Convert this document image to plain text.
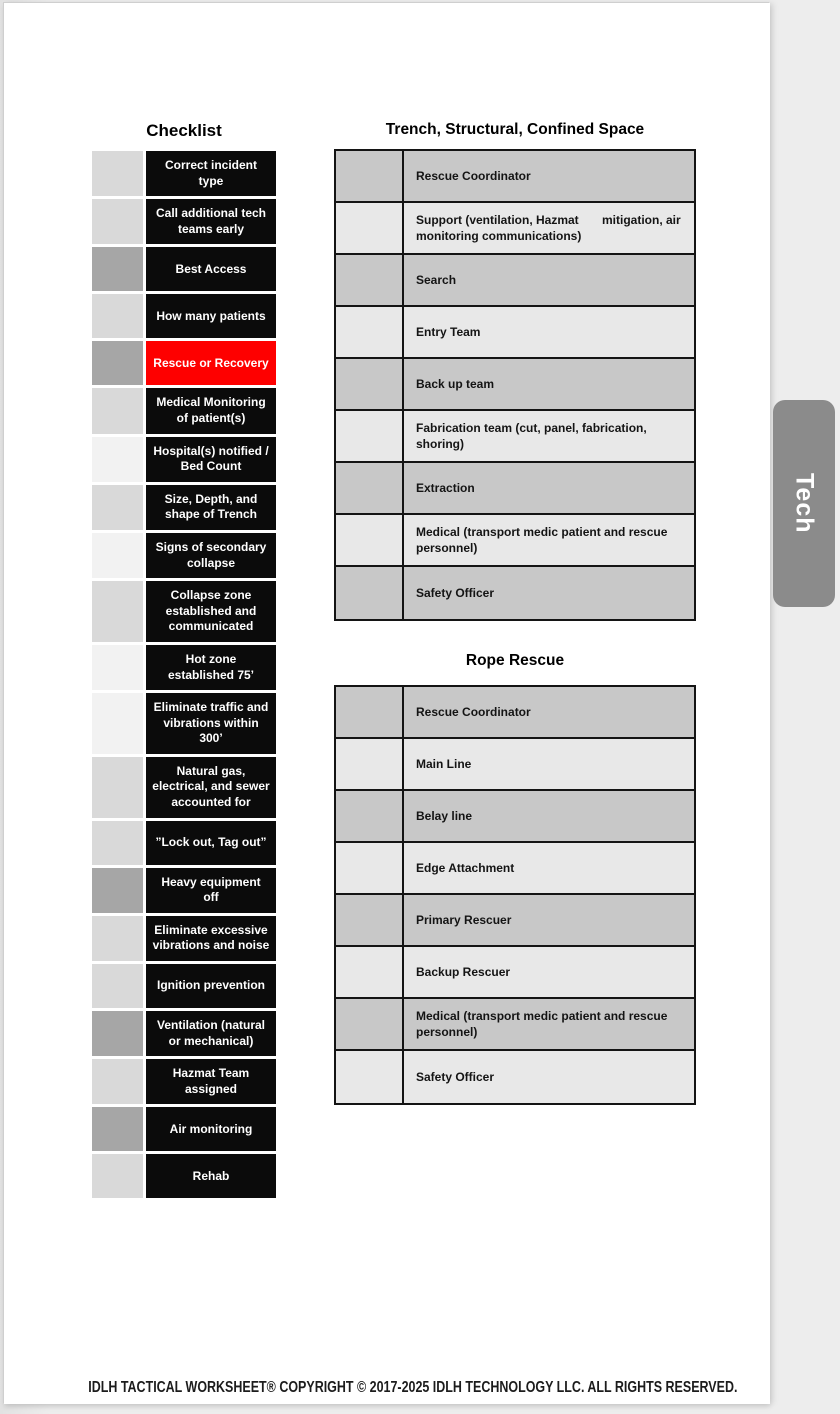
Checklist
Correct incident type
Call additional tech teams early
Best Access
How many patients
Rescue or Recovery
Medical Monitoring of patient(s)
Hospital(s) notified / Bed Count
Size, Depth, and shape of Trench
Signs of secondary collapse
Collapse zone established and communicated
Hot zone established 75’
Eliminate traffic and vibrations within 300’
Natural gas, electrical, and sewer accounted for
”Lock out, Tag out”
Heavy equipment off
Eliminate excessive vibrations and noise
Ignition prevention
Ventilation (natural or mechanical)
Hazmat Team assigned
Air monitoring
Rehab
Trench, Structural, Confined Space
Rescue Coordinator
Support (ventilation, Hazmat       mitigation, air monitoring communications)
Search
Entry Team
Back up team
Fabrication team (cut, panel, fabrication, shoring)
Extraction
Medical (transport medic patient and rescue personnel)
Safety Officer
Rope Rescue
Rescue Coordinator
Main Line
Belay line
Edge Attachment
Primary Rescuer
Backup Rescuer
Medical (transport medic patient and rescue personnel)
Safety Officer
IDLH TACTICAL WORKSHEET® COPYRIGHT © 2017-2025 IDLH TECHNOLOGY LLC. ALL RIGHTS RESERVED.
Tech
